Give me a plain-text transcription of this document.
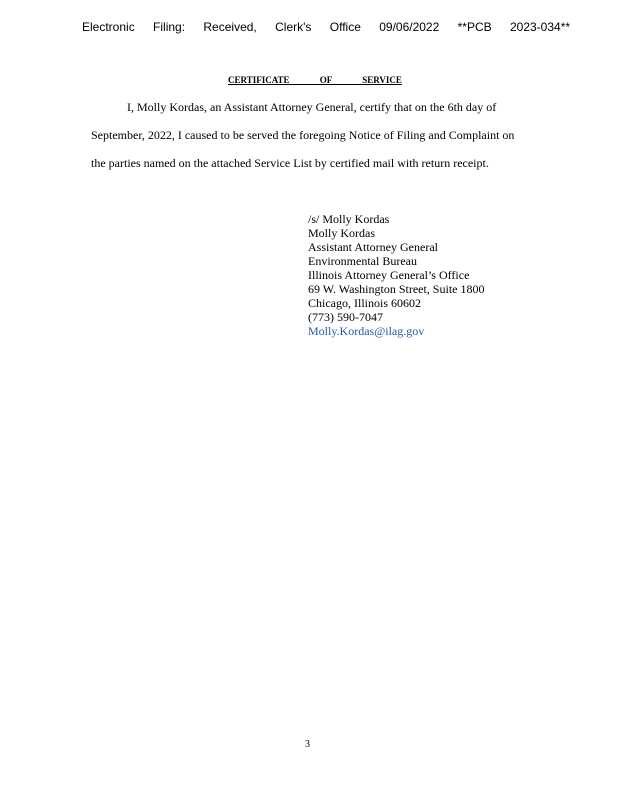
Electronic Filing: Received, Clerk's Office 09/06/2022 **PCB 2023-034**
CERTIFICATE OF SERVICE
I, Molly Kordas, an Assistant Attorney General, certify that on the 6th day of
September, 2022, I caused to be served the foregoing Notice of Filing and Complaint on
the parties named on the attached Service List by certified mail with return receipt.
/s/ Molly Kordas
Molly Kordas
Assistant Attorney General
Environmental Bureau
Illinois Attorney General’s Office
69 W. Washington Street, Suite 1800
Chicago, Illinois 60602
(773) 590-7047
Molly.Kordas@ilag.gov
3
